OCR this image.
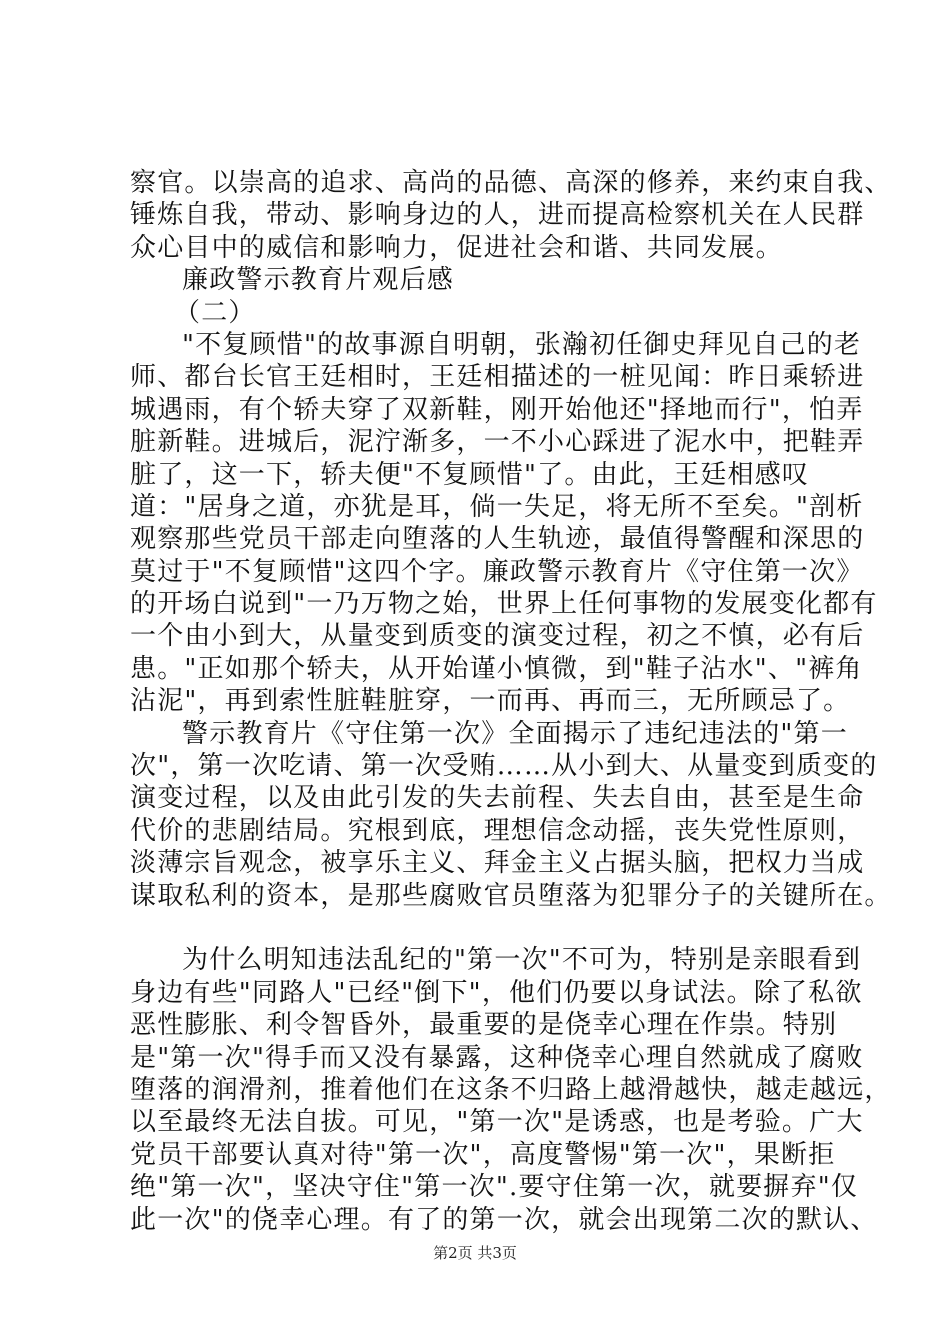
察官。以崇高的追求、高尚的品德、高深的修养，来约束自我、
锤炼自我，带动、影响身边的人，进而提高检察机关在人民群
众心目中的威信和影响力，促进社会和谐、共同发展。
廉政警示教育片观后感
（二）
"不复顾惜"的故事源自明朝，张瀚初任御史拜见自己的老
师、都台长官王廷相时，王廷相描述的一桩见闻：昨日乘轿进
城遇雨，有个轿夫穿了双新鞋，刚开始他还"择地而行"，怕弄
脏新鞋。进城后，泥泞渐多，一不小心踩进了泥水中，把鞋弄
脏了，这一下，轿夫便"不复顾惜"了。由此，王廷相感叹
道："居身之道，亦犹是耳，倘一失足，将无所不至矣。"剖析
观察那些党员干部走向堕落的人生轨迹，最值得警醒和深思的
莫过于"不复顾惜"这四个字。廉政警示教育片《守住第一次》
的开场白说到"一乃万物之始，世界上任何事物的发展变化都有
一个由小到大，从量变到质变的演变过程，初之不慎，必有后
患。"正如那个轿夫，从开始谨小慎微，到"鞋子沾水"、"裤角
沾泥"，再到索性脏鞋脏穿，一而再、再而三，无所顾忌了。
警示教育片《守住第一次》全面揭示了违纪违法的"第一
次"，第一次吃请、第一次受贿……从小到大、从量变到质变的
演变过程，以及由此引发的失去前程、失去自由，甚至是生命
代价的悲剧结局。究根到底，理想信念动摇，丧失党性原则，
淡薄宗旨观念，被享乐主义、拜金主义占据头脑，把权力当成
谋取私利的资本，是那些腐败官员堕落为犯罪分子的关键所在。
为什么明知违法乱纪的"第一次"不可为，特别是亲眼看到
身边有些"同路人"已经"倒下"，他们仍要以身试法。除了私欲
恶性膨胀、利令智昏外，最重要的是侥幸心理在作祟。特别
是"第一次"得手而又没有暴露，这种侥幸心理自然就成了腐败
堕落的润滑剂，推着他们在这条不归路上越滑越快，越走越远，
以至最终无法自拔。可见，"第一次"是诱惑，也是考验。广大
党员干部要认真对待"第一次"，高度警惕"第一次"，果断拒
绝"第一次"，坚决守住"第一次".要守住第一次，就要摒弃"仅
此一次"的侥幸心理。有了的第一次，就会出现第二次的默认、
第2页 共3页
